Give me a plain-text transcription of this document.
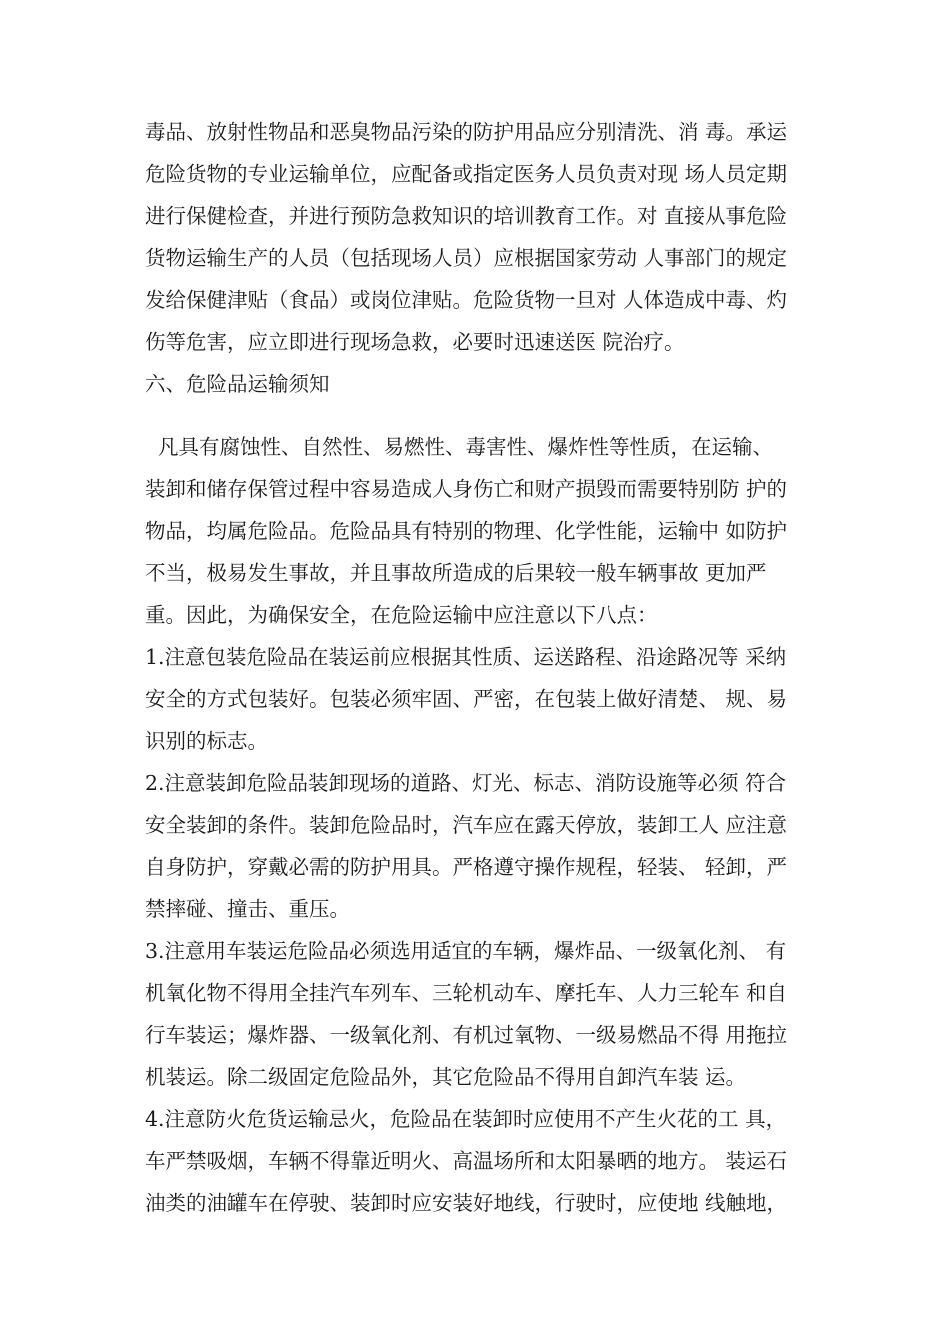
毒品、放射性物品和恶臭物品污染的防护用品应分别清洗、消 毒。承运
危险货物的专业运输单位，应配备或指定医务人员负责对现 场人员定期
进行保健检查，并进行预防急救知识的培训教育工作。对 直接从事危险
货物运输生产的人员（包括现场人员）应根据国家劳动 人事部门的规定
发给保健津贴（食品）或岗位津贴。危险货物一旦对 人体造成中毒、灼
伤等危害，应立即进行现场急救，必要时迅速送医 院治疗。
六、危险品运输须知
凡具有腐蚀性、自然性、易燃性、毒害性、爆炸性等性质，在运输、
装卸和储存保管过程中容易造成人身伤亡和财产损毁而需要特别防 护的
物品，均属危险品。危险品具有特别的物理、化学性能，运输中 如防护
不当，极易发生事故，并且事故所造成的后果较一般车辆事故 更加严
重。因此，为确保安全，在危险运输中应注意以下八点：
1.注意包装危险品在装运前应根据其性质、运送路程、沿途路况等 采纳
安全的方式包装好。包装必须牢固、严密，在包装上做好清楚、 规、易
识别的标志。
2.注意装卸危险品装卸现场的道路、灯光、标志、消防设施等必须 符合
安全装卸的条件。装卸危险品时，汽车应在露天停放，装卸工人 应注意
自身防护，穿戴必需的防护用具。严格遵守操作规程，轻装、 轻卸，严
禁摔碰、撞击、重压。
3.注意用车装运危险品必须选用适宜的车辆，爆炸品、一级氧化剂、 有
机氧化物不得用全挂汽车列车、三轮机动车、摩托车、人力三轮车 和自
行车装运；爆炸器、一级氧化剂、有机过氧物、一级易燃品不得 用拖拉
机装运。除二级固定危险品外，其它危险品不得用自卸汽车装 运。
4.注意防火危货运输忌火，危险品在装卸时应使用不产生火花的工 具，
车严禁吸烟，车辆不得靠近明火、高温场所和太阳暴晒的地方。 装运石
油类的油罐车在停驶、装卸时应安装好地线，行驶时，应使地 线触地，
